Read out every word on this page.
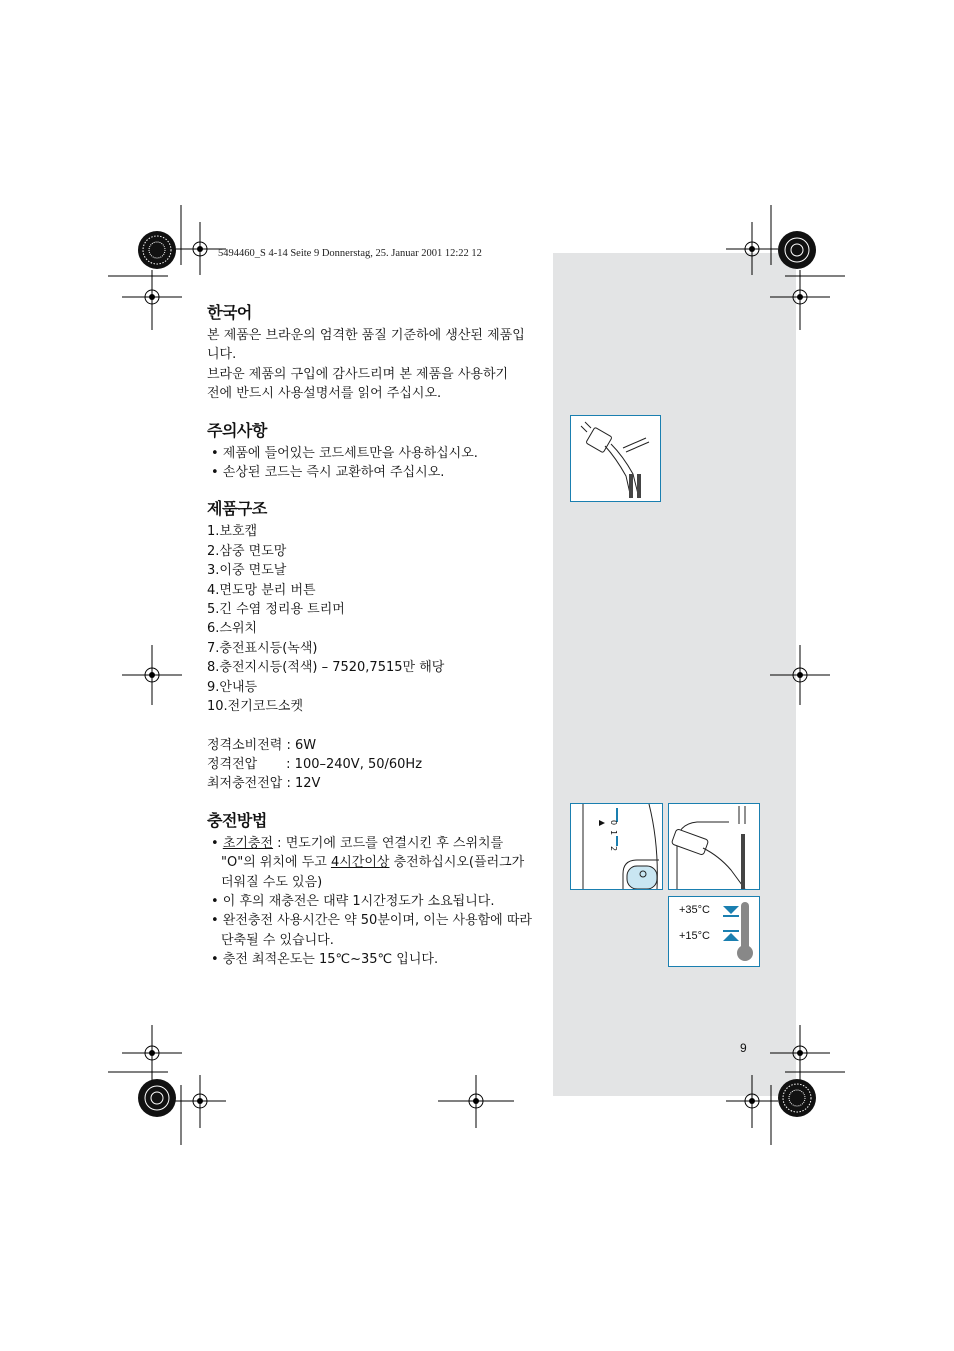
5494460_S 4-14 Seite 9 Donnerstag, 25. Januar 2001 12:22 12
한국어

본 제품은 브라운의 엄격한 품질 기준하에 생산된 제품입

니다.

브라운 제품의 구입에 감사드리며 본 제품을 사용하기

전에 반드시 사용설명서를 읽어 주십시오.

주의사항

• 제품에 들어있는 코드세트만을 사용하십시오.

• 손상된 코드는 즉시 교환하여 주십시오.

제품구조

1.보호캡

2.삼중 면도망

3.이중 면도날

4.면도망 분리 버튼

5.긴 수염 정리용 트리머

6.스위치

7.충전표시등(녹색)

8.충전지시등(적색) – 7520,7515만 해당

9.안내등

10.전기코드소켓

정격소비전력 : 6W

정격전압       : 100–240V, 50/60Hz

최저충전전압 : 12V

충전방법

• 초기충전 : 면도기에 코드를 연결시킨 후 스위치를

"O"의 위치에 두고 4시간이상 충전하십시오(플러그가

더워질 수도 있음)

• 이 후의 재충전은 대략 1시간정도가 소요됩니다.

• 완전충전 사용시간은 약 50분이며, 이는 사용함에 따라

단축될 수 있습니다.

• 충전 최적온도는 15℃~35℃ 입니다.

0
1
2
+35°C
+15°C
9
